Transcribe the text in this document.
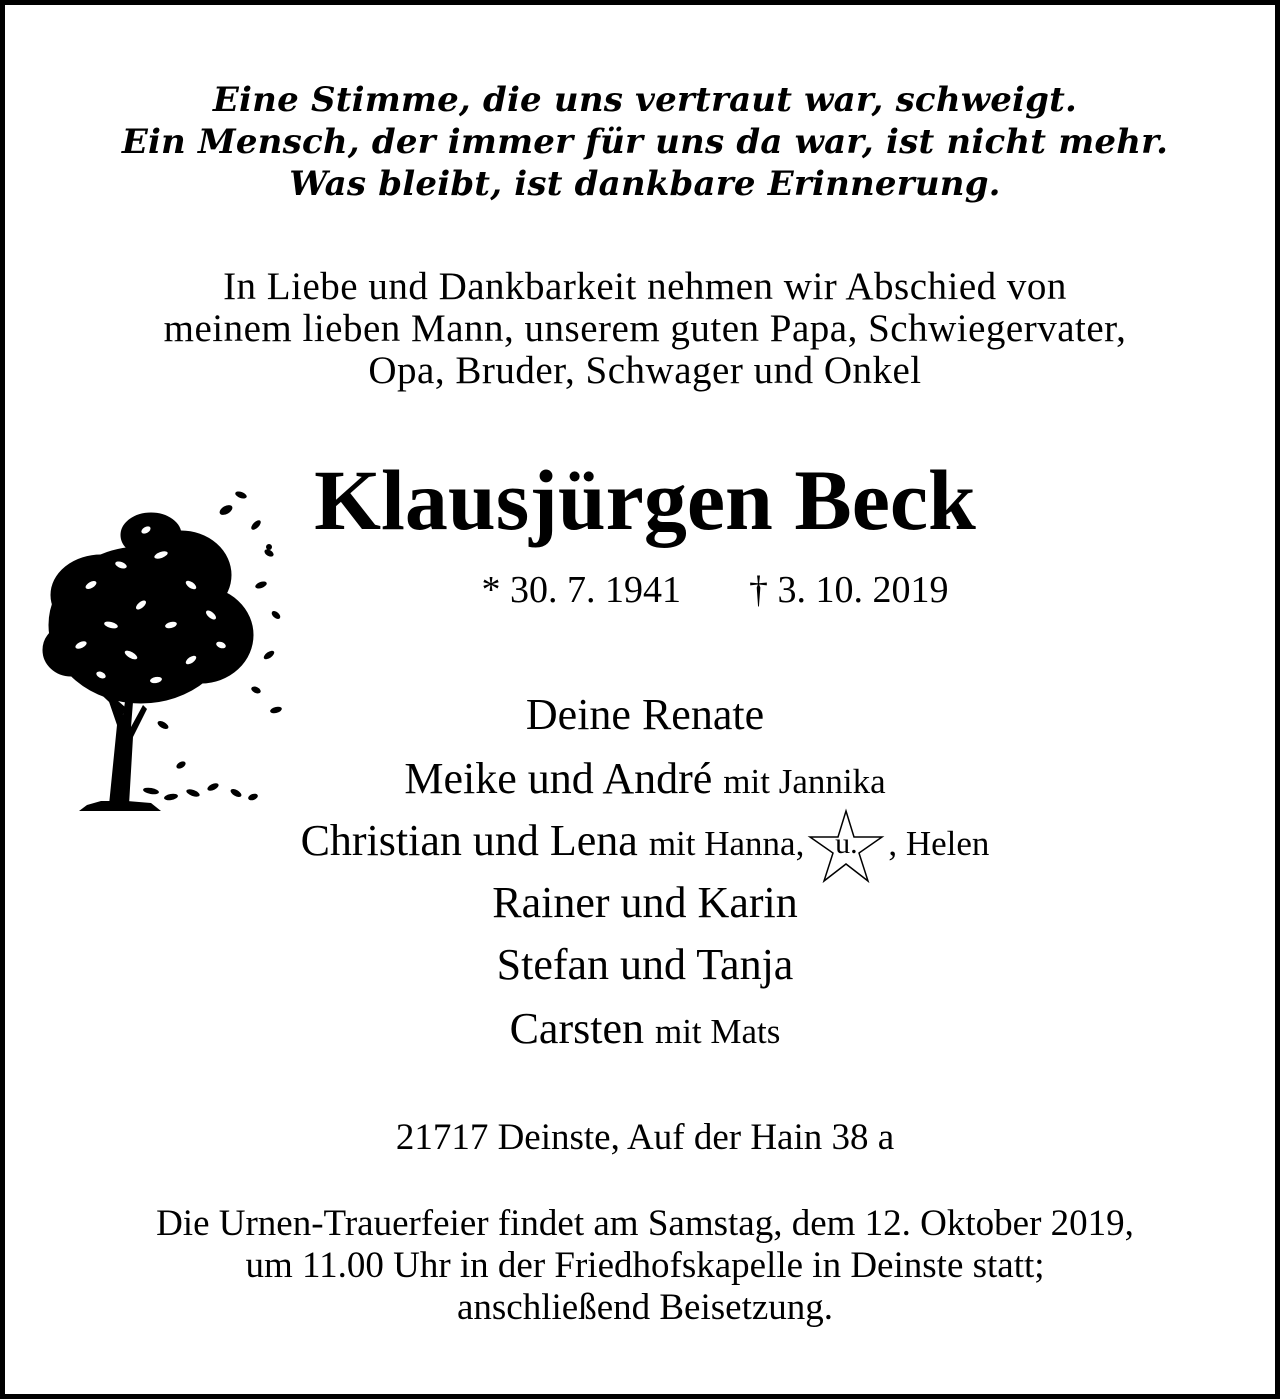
Eine Stimme, die uns vertraut war, schweigt.
Ein Mensch, der immer für uns da war, ist nicht mehr.
Was bleibt, ist dankbare Erinnerung.
In Liebe und Dankbarkeit nehmen wir Abschied von
meinem lieben Mann, unserem guten Papa, Schwiegervater,
Opa, Bruder, Schwager und Onkel
Klausjürgen Beck
* 30. 7. 1941 † 3. 10. 2019
Deine Renate
Meike und André mit Jannika
Christian und Lena mit Hanna,	u. , Helen
Rainer und Karin
Stefan und Tanja
Carsten mit Mats
21717 Deinste, Auf der Hain 38 a
Die Urnen-Trauerfeier findet am Samstag, dem 12. Oktober 2019,
um 11.00 Uhr in der Friedhofskapelle in Deinste statt;
anschließend Beisetzung.
